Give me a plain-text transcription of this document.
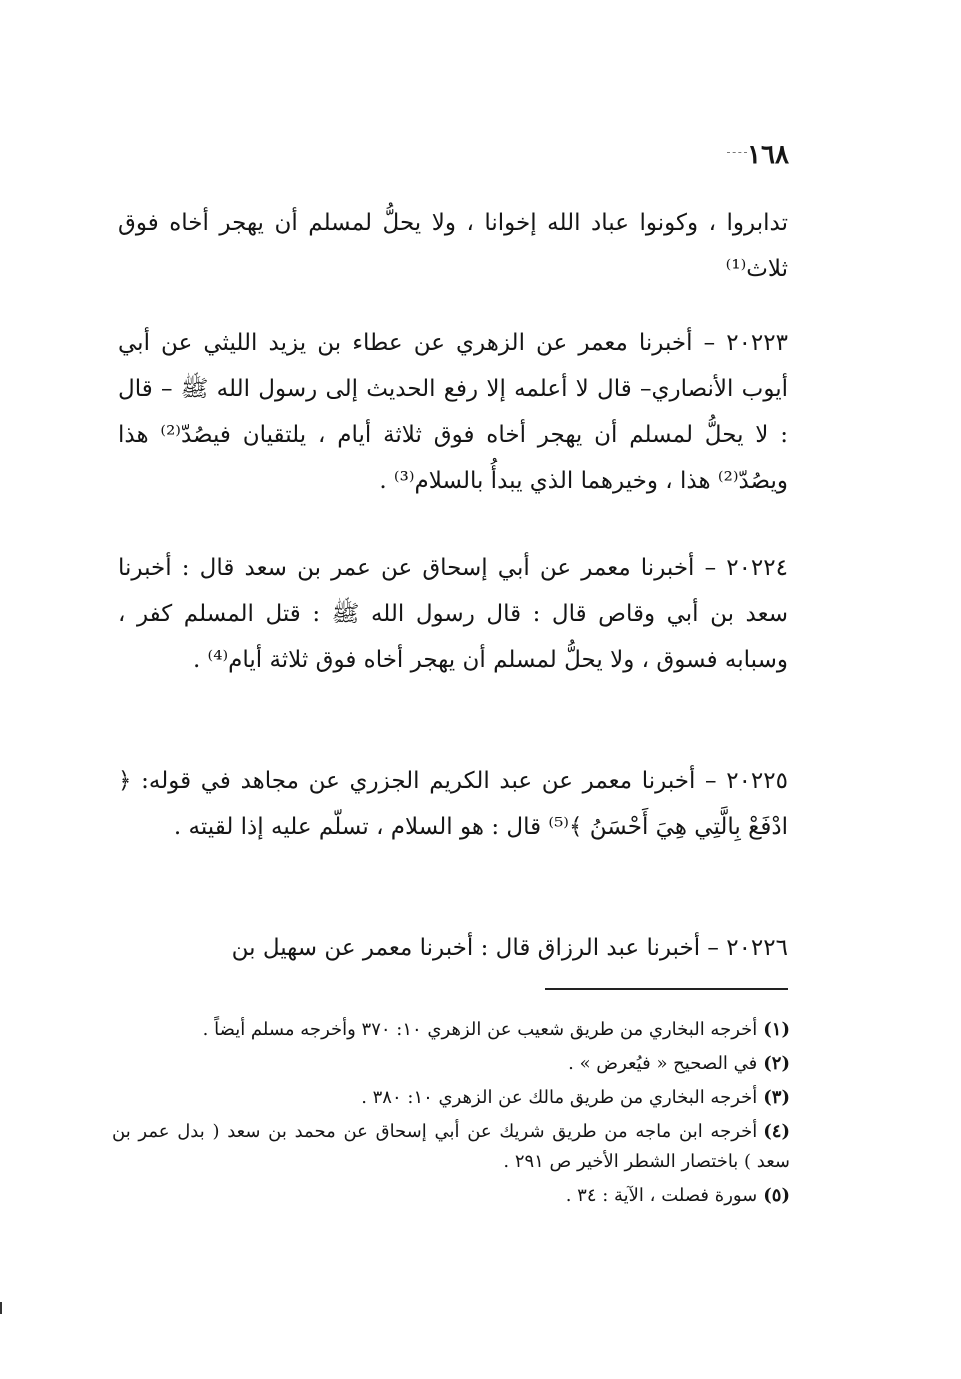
١٦٨

تدابروا ، وكونوا عباد الله إخوانا ، ولا يحلُّ لمسلم أن يهجر أخاه فوق ثلاث⁽¹⁾

٢٠٢٢٣ – أخبرنا معمر عن الزهري عن عطاء بن يزيد الليثي عن أبي أيوب الأنصاري– قال لا أعلمه إلا رفع الحديث إلى رسول الله ﷺ – قال : لا يحلُّ لمسلم أن يهجر أخاه فوق ثلاثة أيام ، يلتقيان فيصُدّ⁽²⁾ هذا ويصُدّ⁽²⁾ هذا ، وخيرهما الذي يبدأُ بالسلام⁽³⁾ .

٢٠٢٢٤ – أخبرنا معمر عن أبي إسحاق عن عمر بن سعد قال : أخبرنا سعد بن أبي وقاص قال : قال رسول الله ﷺ : قتل المسلم كفر ، وسبابه فسوق ، ولا يحلُّ لمسلم أن يهجر أخاه فوق ثلاثة أيام⁽⁴⁾ .

٢٠٢٢٥ – أخبرنا معمر عن عبد الكريم الجزري عن مجاهد في قوله: ﴿ ادْفَعْ بِالَّتِي هِيَ أَحْسَنُ ﴾⁽⁵⁾ قال : هو السلام ، تسلّم عليه إذا لقيته .

٢٠٢٢٦ – أخبرنا عبد الرزاق قال : أخبرنا معمر عن سهيل بن

(١)أخرجه البخاري من طريق شعيب عن الزهري ١٠: ٣٧٠ وأخرجه مسلم أيضاً .

(٢)في الصحيح « فيُعرض » .

(٣)أخرجه البخاري من طريق مالك عن الزهري ١٠: ٣٨٠ .

(٤)أخرجه ابن ماجه من طريق شريك عن أبي إسحاق عن محمد بن سعد ( بدل عمر بن سعد ) باختصار الشطر الأخير ص ٢٩١ .

(٥)سورة فصلت ، الآية : ٣٤ .
